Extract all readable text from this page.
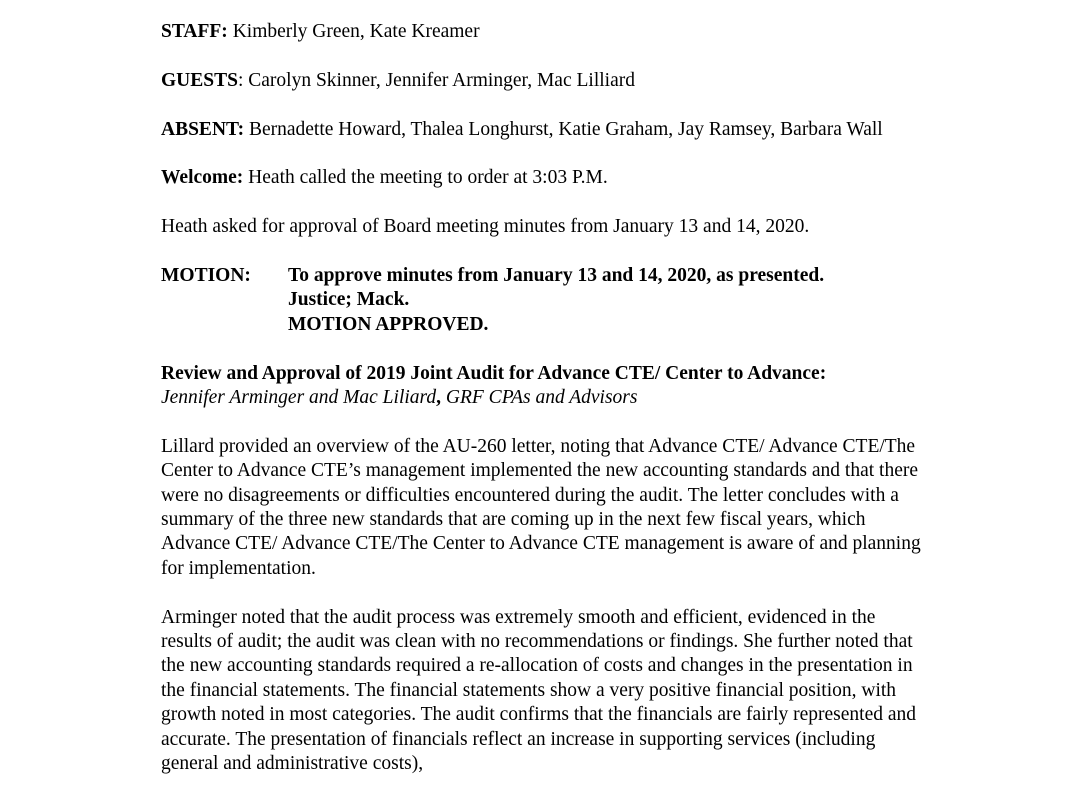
STAFF: Kimberly Green, Kate Kreamer

GUESTS: Carolyn Skinner, Jennifer Arminger, Mac Lilliard

ABSENT: Bernadette Howard, Thalea Longhurst, Katie Graham, Jay Ramsey, Barbara Wall

Welcome: Heath called the meeting to order at 3:03 P.M.

Heath asked for approval of Board meeting minutes from January 13 and 14, 2020.

MOTION:	To approve minutes from January 13 and 14, 2020, as presented.
Justice; Mack.
MOTION APPROVED.
Review and Approval of 2019 Joint Audit for Advance CTE/ Center to Advance:
Jennifer Arminger and Mac Liliard, GRF CPAs and Advisors

Lillard provided an overview of the AU-260 letter, noting that Advance CTE/ Advance CTE/The Center to Advance CTE’s management implemented the new accounting standards and that there were no disagreements or difficulties encountered during the audit. The letter concludes with a summary of the three new standards that are coming up in the next few fiscal years, which Advance CTE/ Advance CTE/The Center to Advance CTE management is aware of and planning for implementation.

Arminger noted that the audit process was extremely smooth and efficient, evidenced in the results of audit; the audit was clean with no recommendations or findings. She further noted that the new accounting standards required a re-allocation of costs and changes in the presentation in the financial statements. The financial statements show a very positive financial position, with growth noted in most categories. The audit confirms that the financials are fairly represented and accurate. The presentation of financials reflect an increase in supporting services (including general and administrative costs),
